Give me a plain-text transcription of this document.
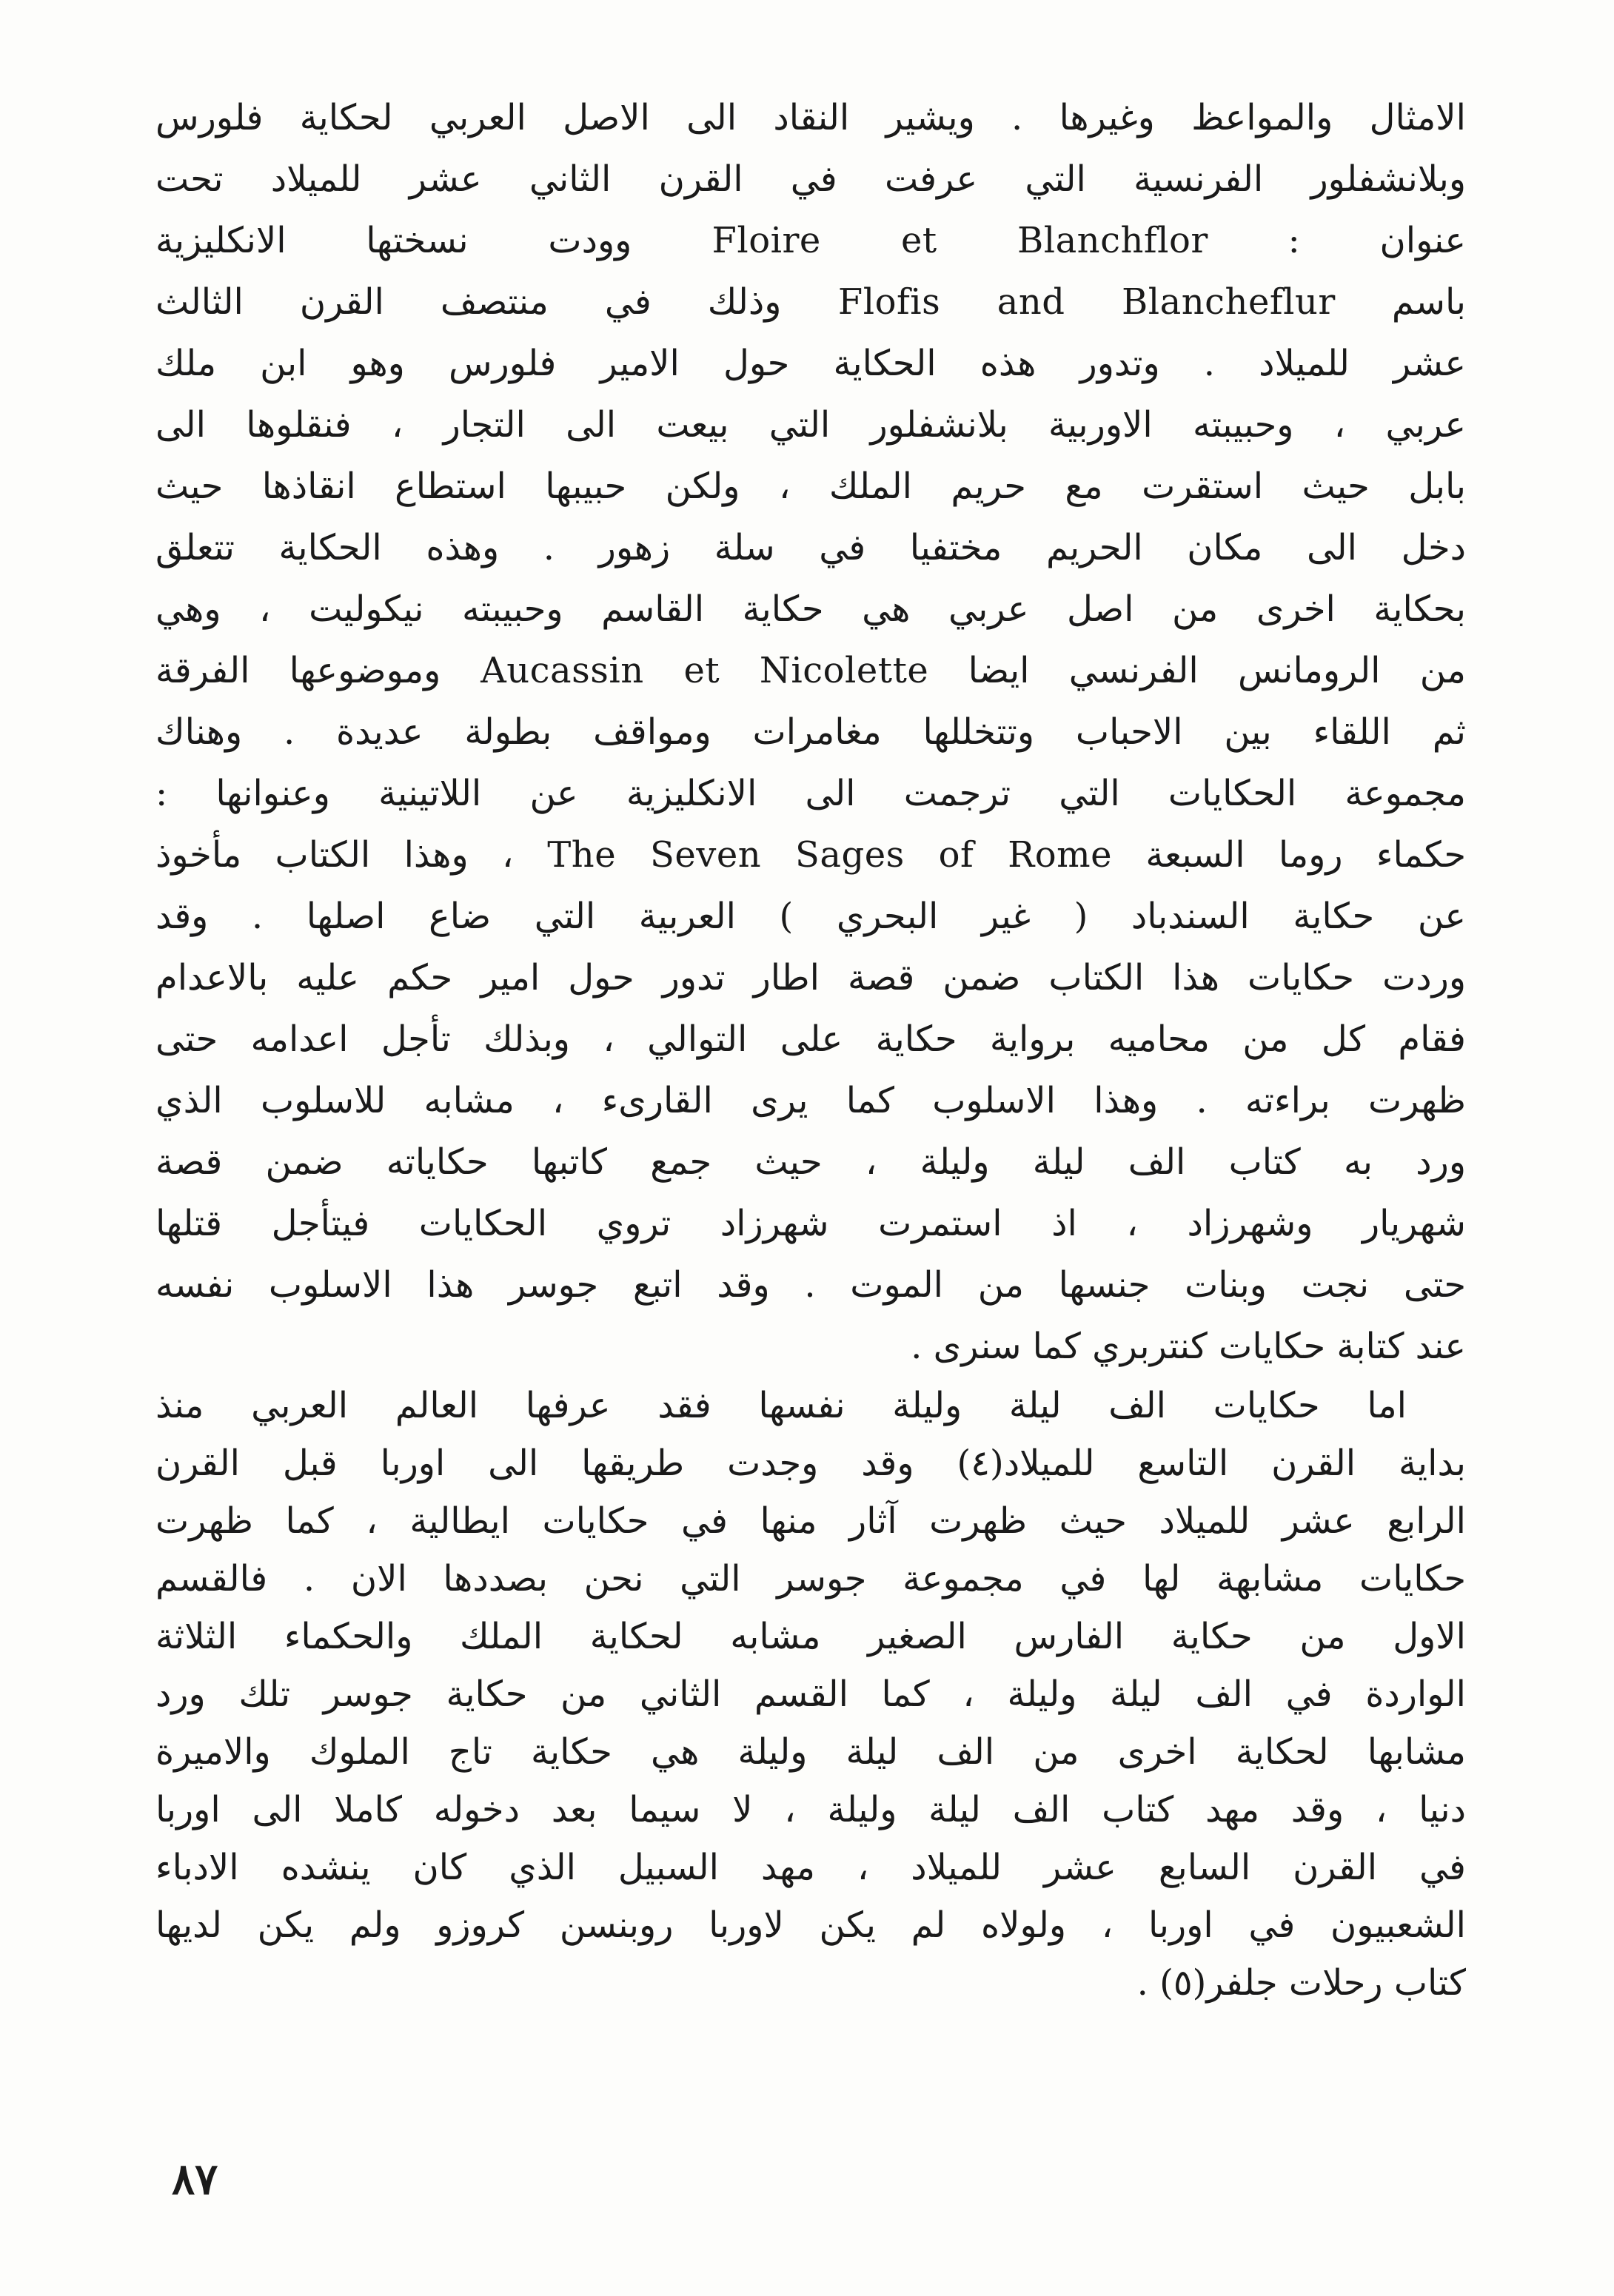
الامثال والمواعظ وغيرها . ويشير النقاد الى الاصل العربي لحكاية فلورس
وبلانشفلور الفرنسية التي عرفت في القرن الثاني عشر للميلاد تحت
عنوان : Floire et Blanchflor وودت نسختها الانكليزية
باسم Flofis and Blancheflur وذلك في منتصف القرن الثالث
عشر للميلاد . وتدور هذه الحكاية حول الامير فلورس وهو ابن ملك
عربي ، وحبيبته الاوربية بلانشفلور التي بيعت الى التجار ، فنقلوها الى
بابل حيث استقرت مع حريم الملك ، ولكن حبيبها استطاع انقاذها حيث
دخل الى مكان الحريم مختفيا في سلة زهور . وهذه الحكاية تتعلق
بحكاية اخرى من اصل عربي هي حكاية القاسم وحبيبته نيكوليت ، وهي
من الرومانس الفرنسي ايضا Aucassin et Nicolette وموضوعها الفرقة
ثم اللقاء بين الاحباب وتتخللها مغامرات ومواقف بطولة عديدة . وهناك
مجموعة الحكايات التي ترجمت الى الانكليزية عن اللاتينية وعنوانها :
حكماء روما السبعة The Seven Sages of Rome ، وهذا الكتاب مأخوذ
عن حكاية السندباد ( غير البحري ) العربية التي ضاع اصلها . وقد
وردت حكايات هذا الكتاب ضمن قصة اطار تدور حول امير حكم عليه بالاعدام
فقام كل من محاميه برواية حكاية على التوالي ، وبذلك تأجل اعدامه حتى
ظهرت براءته . وهذا الاسلوب كما يرى القارىء ، مشابه للاسلوب الذي
ورد به كتاب الف ليلة وليلة ، حيث جمع كاتبها حكاياته ضمن قصة
شهريار وشهرزاد ، اذ استمرت شهرزاد تروي الحكايات فيتأجل قتلها
حتى نجت وبنات جنسها من الموت . وقد اتبع جوسر هذا الاسلوب نفسه
عند كتابة حكايات كنتربري كما سنرى .
اما حكايات الف ليلة وليلة نفسها فقد عرفها العالم العربي منذ
بداية القرن التاسع للميلاد(٤) وقد وجدت طريقها الى اوربا قبل القرن
الرابع عشر للميلاد حيث ظهرت آثار منها في حكايات ايطالية ، كما ظهرت
حكايات مشابهة لها في مجموعة جوسر التي نحن بصددها الان . فالقسم
الاول من حكاية الفارس الصغير مشابه لحكاية الملك والحكماء الثلاثة
الواردة في الف ليلة وليلة ، كما القسم الثاني من حكاية جوسر تلك ورد
مشابها لحكاية اخرى من الف ليلة وليلة هي حكاية تاج الملوك والاميرة
دنيا ، وقد مهد كتاب الف ليلة وليلة ، لا سيما بعد دخوله كاملا الى اوربا
في القرن السابع عشر للميلاد ، مهد السبيل الذي كان ينشده الادباء
الشعبيون في اوربا ، ولولاه لم يكن لاوربا روبنسن كروزو ولم يكن لديها
كتاب رحلات جلفر(٥) .
٨٧
